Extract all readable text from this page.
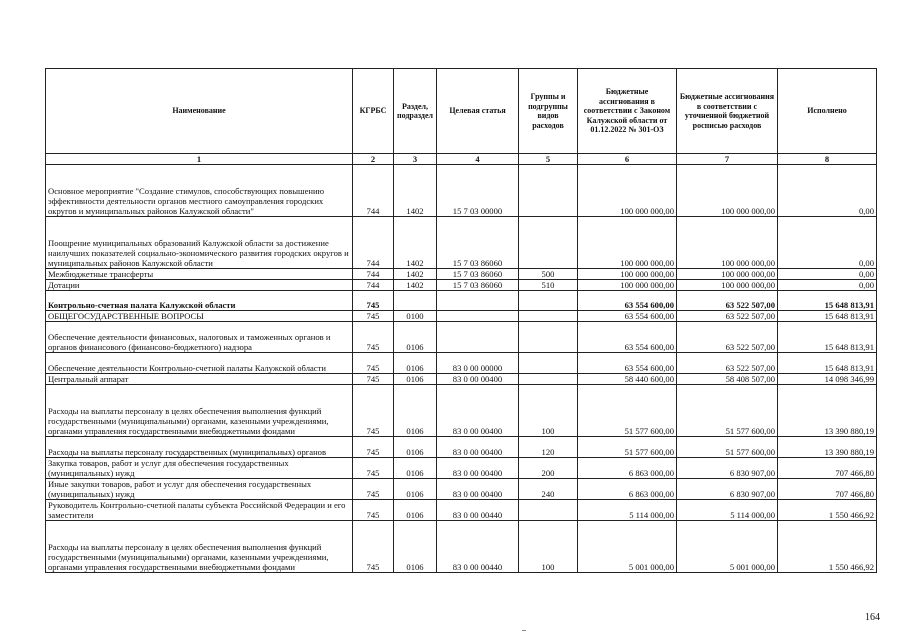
Наименование	КГРБС	Раздел, подраздел	Целевая статья	Группы и подгруппы видов расходов	Бюджетные ассигнования в соответствии с Законом Калужской области от 01.12.2022 № 301-ОЗ	Бюджетные ассигнования в соответствии с уточненной бюджетной росписью расходов	Исполнено
1	2	3	4	5	6	7	8
Основное мероприятие "Создание стимулов, способствующих повышению эффективности деятельности органов местного самоуправления городских округов и муниципальных районов Калужской области"	744	1402	15 7 03 00000		100 000 000,00	100 000 000,00	0,00
Поощрение муниципальных образований Калужской области за достижение наилучших показателей социально-экономического развития городских округов и муниципальных районов Калужской области	744	1402	15 7 03 86060		100 000 000,00	100 000 000,00	0,00
Межбюджетные трансферты	744	1402	15 7 03 86060	500	100 000 000,00	100 000 000,00	0,00
Дотации	744	1402	15 7 03 86060	510	100 000 000,00	100 000 000,00	0,00
Контрольно-счетная палата Калужской области	745				63 554 600,00	63 522 507,00	15 648 813,91
ОБЩЕГОСУДАРСТВЕННЫЕ ВОПРОСЫ	745	0100			63 554 600,00	63 522 507,00	15 648 813,91
Обеспечение деятельности финансовых, налоговых и таможенных органов и органов финансового (финансово-бюджетного) надзора	745	0106			63 554 600,00	63 522 507,00	15 648 813,91
Обеспечение деятельности Контрольно-счетной палаты Калужской области	745	0106	83 0 00 00000		63 554 600,00	63 522 507,00	15 648 813,91
Центральный аппарат	745	0106	83 0 00 00400		58 440 600,00	58 408 507,00	14 098 346,99
Расходы на выплаты персоналу в целях обеспечения выполнения функций государственными (муниципальными) органами, казенными учреждениями, органами управления государственными внебюджетными фондами	745	0106	83 0 00 00400	100	51 577 600,00	51 577 600,00	13 390 880,19
Расходы на выплаты персоналу государственных (муниципальных) органов	745	0106	83 0 00 00400	120	51 577 600,00	51 577 600,00	13 390 880,19
Закупка товаров, работ и услуг для обеспечения государственных (муниципальных) нужд	745	0106	83 0 00 00400	200	6 863 000,00	6 830 907,00	707 466,80
Иные закупки товаров, работ и услуг для обеспечения государственных (муниципальных) нужд	745	0106	83 0 00 00400	240	6 863 000,00	6 830 907,00	707 466,80
Руководитель Контрольно-счетной палаты субъекта Российской Федерации и его заместители	745	0106	83 0 00 00440		5 114 000,00	5 114 000,00	1 550 466,92
Расходы на выплаты персоналу в целях обеспечения выполнения функций государственными (муниципальными) органами, казенными учреждениями, органами управления государственными внебюджетными фондами	745	0106	83 0 00 00440	100	5 001 000,00	5 001 000,00	1 550 466,92
164
